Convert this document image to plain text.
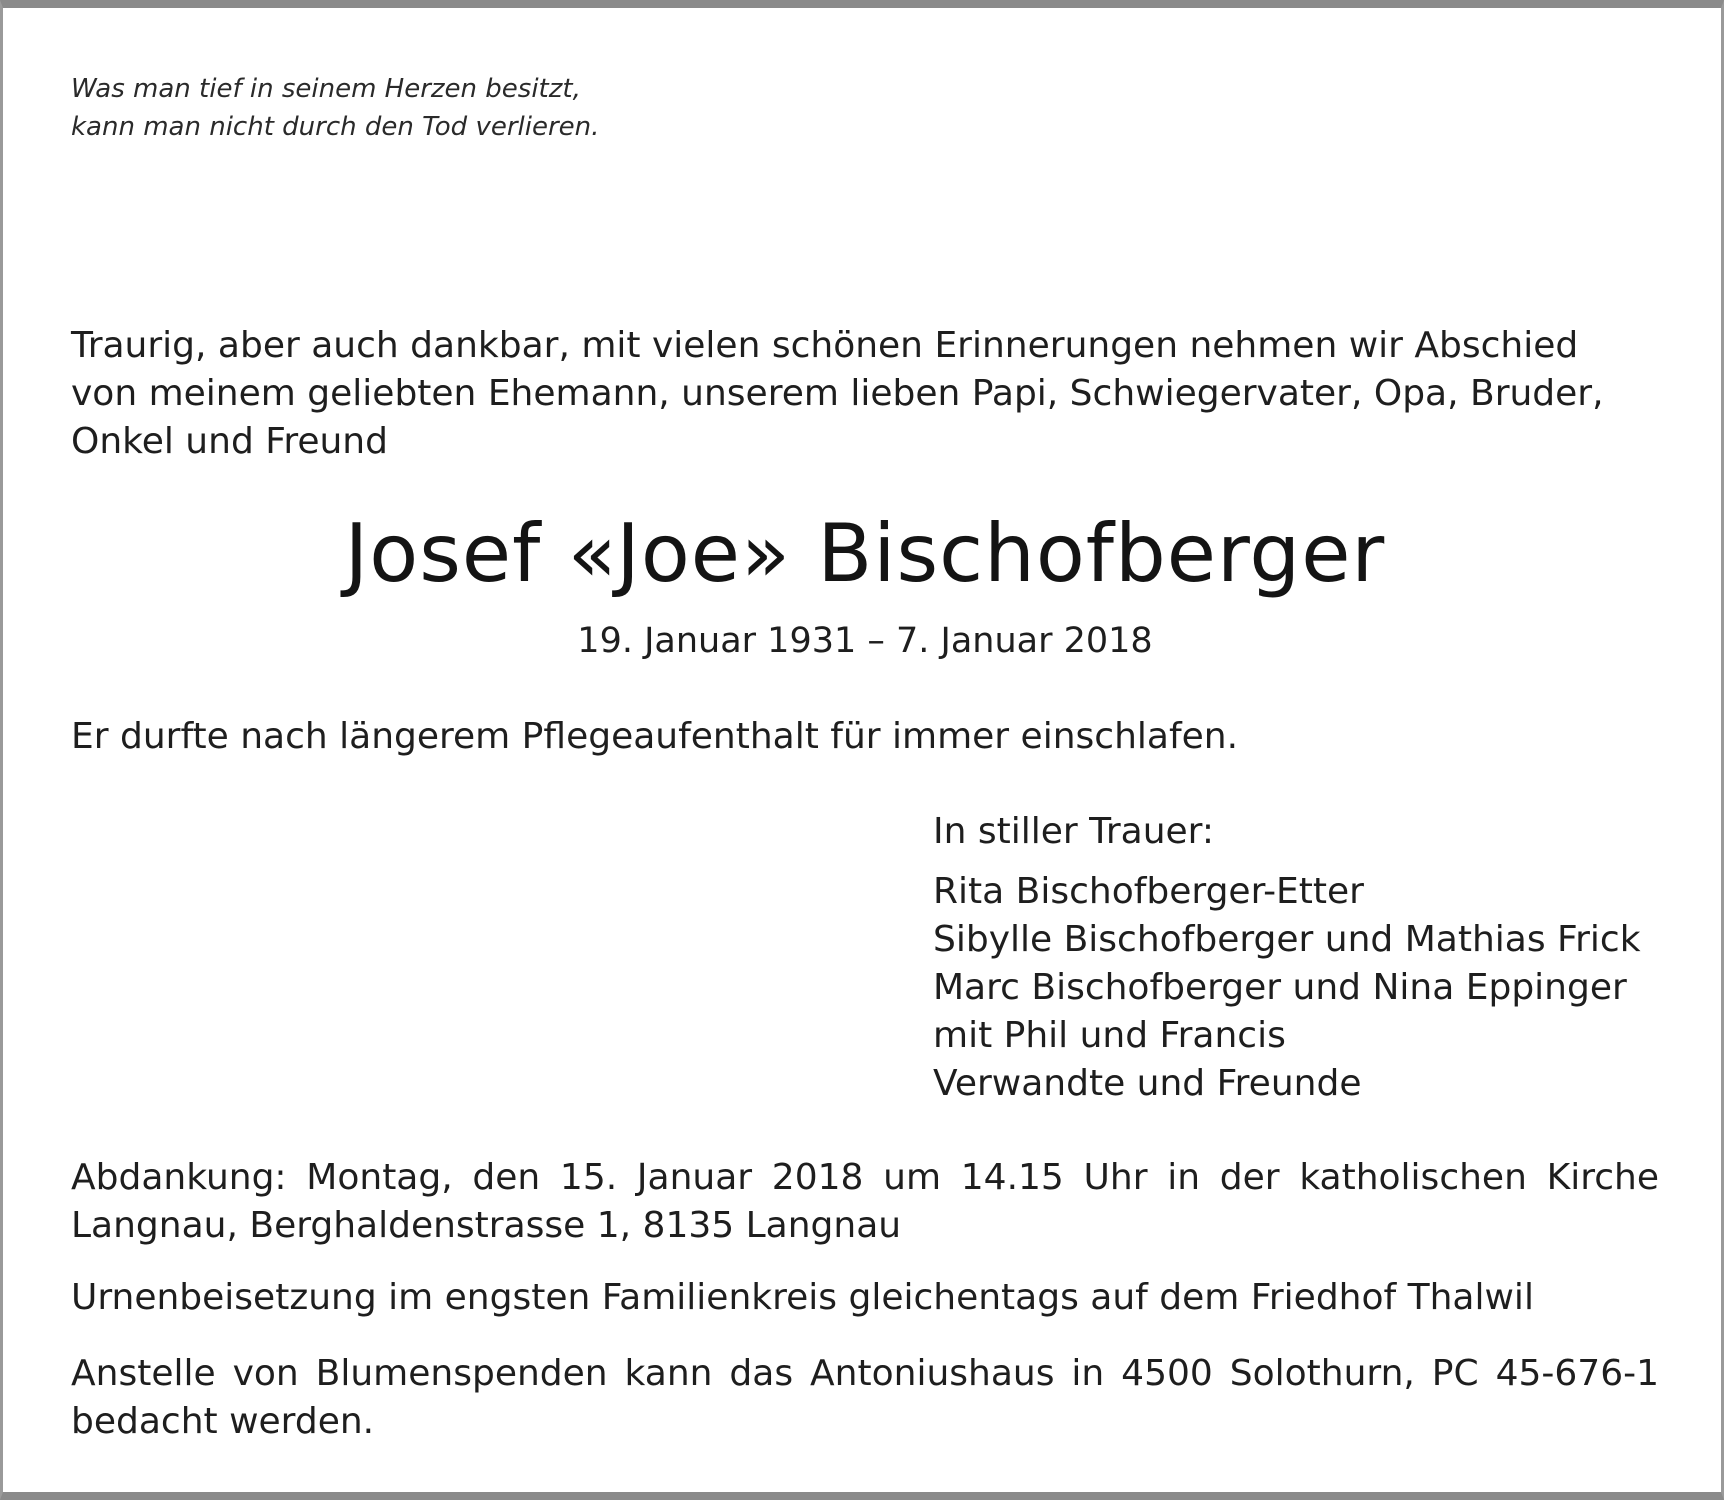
Was man tief in seinem Herzen besitzt,
kann man nicht durch den Tod verlieren.

Traurig, aber auch dankbar, mit vielen schönen Erinnerungen nehmen wir Abschied
von meinem geliebten Ehemann, unserem lieben Papi, Schwiegervater, Opa, Bruder,
Onkel und Freund

Josef «Joe» Bischofberger

19. Januar 1931 – 7. Januar 2018

Er durfte nach längerem Pflegeaufenthalt für immer einschlafen.

In stiller Trauer:

Rita Bischofberger-Etter
Sibylle Bischofberger und Mathias Frick
Marc Bischofberger und Nina Eppinger
mit Phil und Francis
Verwandte und Freunde

Abdankung: Montag, den 15. Januar 2018 um 14.15 Uhr in der katholischen Kirche
Langnau, Berghaldenstrasse 1, 8135 Langnau

Urnenbeisetzung im engsten Familienkreis gleichentags auf dem Friedhof Thalwil

Anstelle von Blumenspenden kann das Antoniushaus in 4500 Solothurn, PC 45-676-1
bedacht werden.
